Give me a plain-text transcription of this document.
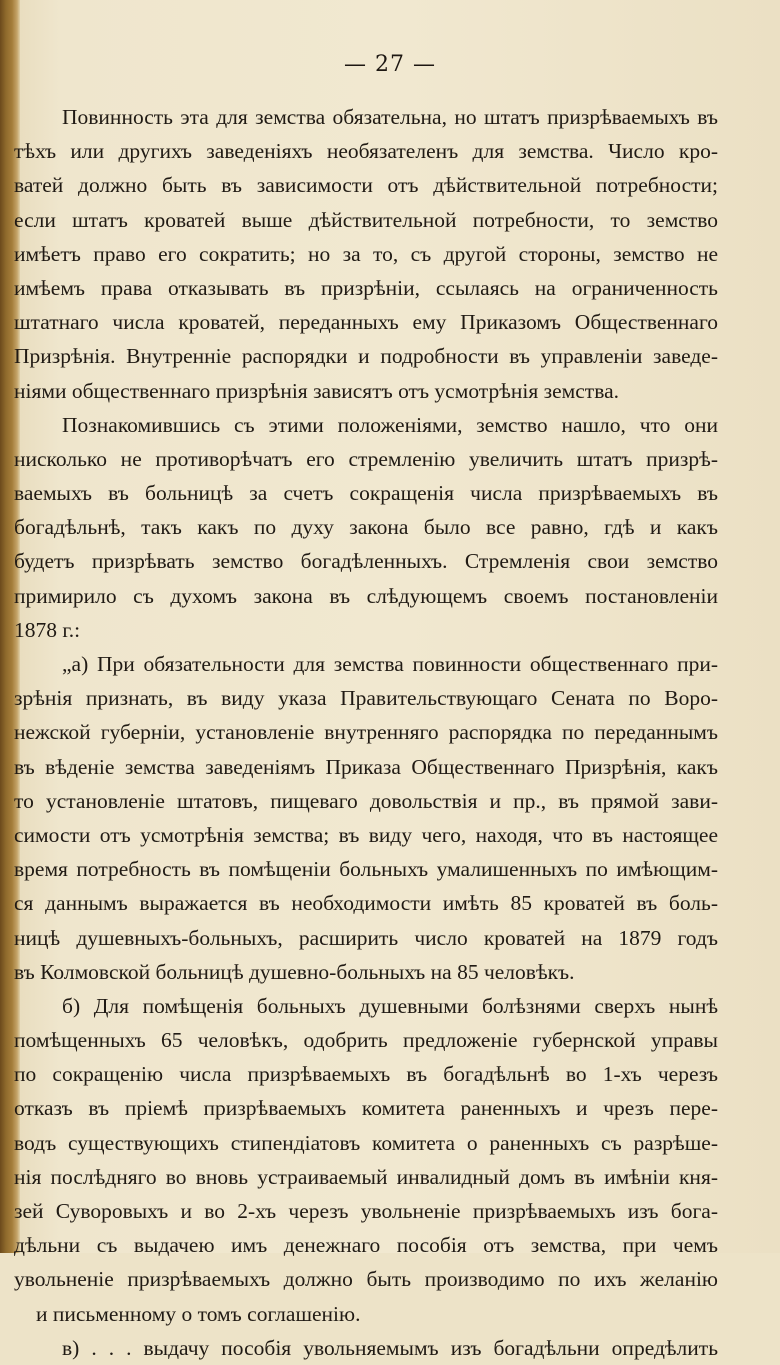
— 27 —
Повинность эта для земства обязательна, но штатъ призрѣваемыхъ въ
тѣхъ или другихъ заведеніяхъ необязателенъ для земства. Число кро-
ватей должно быть въ зависимости отъ дѣйствительной потребности;
если штатъ кроватей выше дѣйствительной потребности, то земство
имѣетъ право его сократить; но за то, съ другой стороны, земство не
имѣемъ права отказывать въ призрѣніи, ссылаясь на ограниченность
штатнаго числа кроватей, переданныхъ ему Приказомъ Общественнаго
Призрѣнія. Внутренніе распорядки и подробности въ управленіи заведе-
ніями общественнаго призрѣнія зависятъ отъ усмотрѣнія земства.
Познакомившись съ этими положеніями, земство нашло, что они
нисколько не противорѣчатъ его стремленію увеличить штатъ призрѣ-
ваемыхъ въ больницѣ за счетъ сокращенія числа призрѣваемыхъ въ
богадѣльнѣ, такъ какъ по духу закона было все равно, гдѣ и какъ
будетъ призрѣвать земство богадѣленныхъ. Стремленія свои земство
примирило съ духомъ закона въ слѣдующемъ своемъ постановленіи
1878 г.:
„а) При обязательности для земства повинности общественнаго при-
зрѣнія признать, въ виду указа Правительствующаго Сената по Воро-
нежской губерніи, установленіе внутренняго распорядка по переданнымъ
въ вѣденіе земства заведеніямъ Приказа Общественнаго Призрѣнія, какъ
то установленіе штатовъ, пищеваго довольствія и пр., въ прямой зави-
симости отъ усмотрѣнія земства; въ виду чего, находя, что въ настоящее
время потребность въ помѣщеніи больныхъ умалишенныхъ по имѣющим-
ся даннымъ выражается въ необходимости имѣть 85 кроватей въ боль-
ницѣ душевныхъ-больныхъ, расширить число кроватей на 1879 годъ
въ Колмовской больницѣ душевно-больныхъ на 85 человѣкъ.
б) Для помѣщенія больныхъ душевными болѣзнями сверхъ нынѣ
помѣщенныхъ 65 человѣкъ, одобрить предложеніе губернской управы
по сокращенію числа призрѣваемыхъ въ богадѣльнѣ во 1-хъ черезъ
отказъ въ пріемѣ призрѣваемыхъ комитета раненныхъ и чрезъ пере-
водъ существующихъ стипендіатовъ комитета о раненныхъ съ разрѣше-
нія послѣдняго во вновь устраиваемый инвалидный домъ въ имѣніи кня-
зей Суворовыхъ и во 2-хъ черезъ увольненіе призрѣваемыхъ изъ бога-
дѣльни съ выдачею имъ денежнаго пособія отъ земства, при чемъ
увольненіе призрѣваемыхъ должно быть производимо по ихъ желанію
и письменному о томъ соглашенію.
в) . . . выдачу пособія увольняемымъ изъ богадѣльни опредѣлить
